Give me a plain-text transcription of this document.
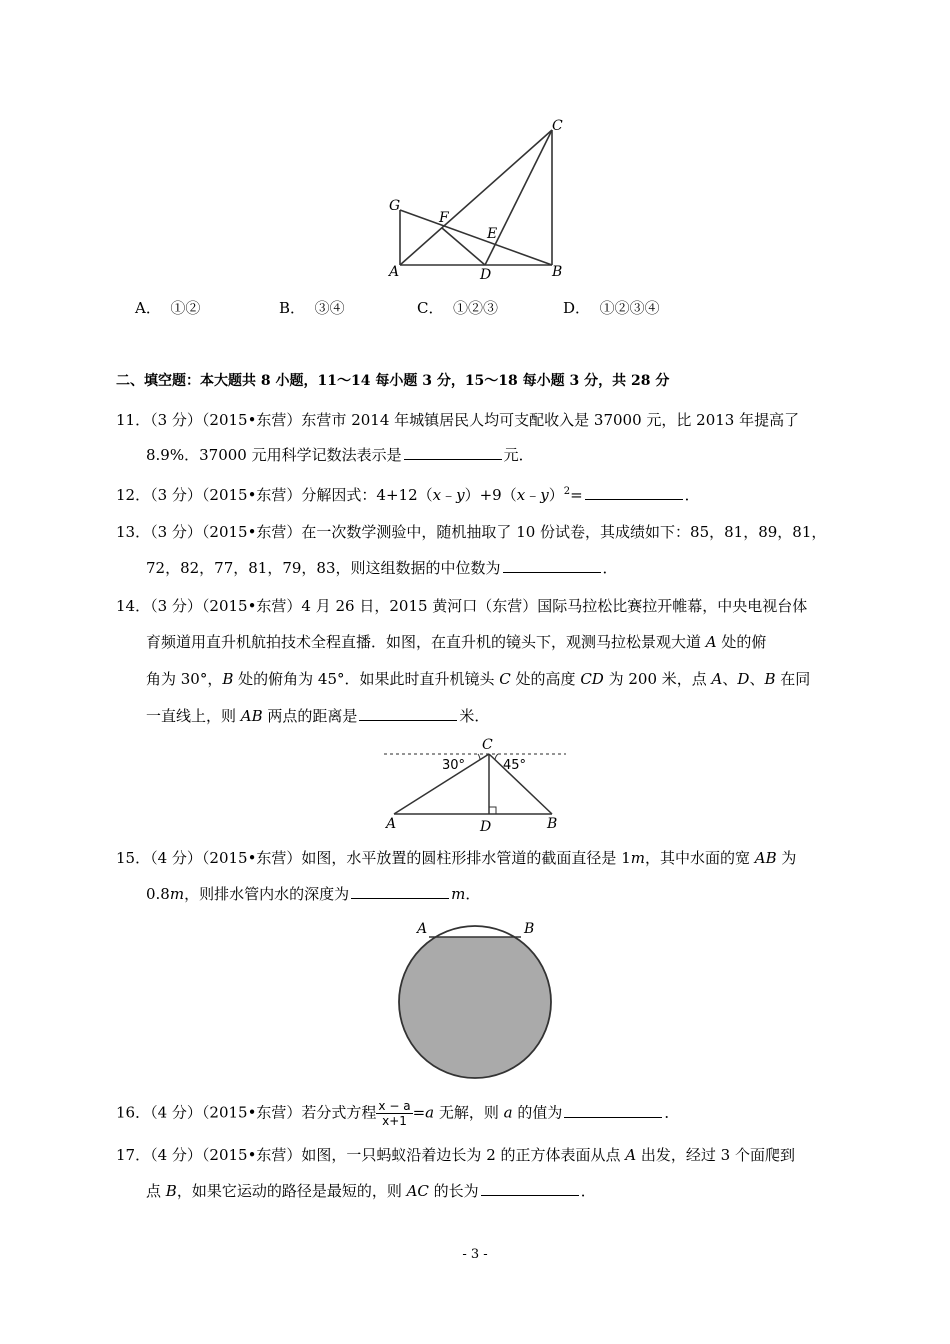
C
G
F
E
A	D	B
A． ①②	B． ③④	C． ①②③	D． ①②③④
二、填空题：本大题共 8 小题，11～14 每小题 3 分，15～18 每小题 3 分，共 28 分
11．（3 分）（2015•东营）东营市 2014 年城镇居民人均可支配收入是 37000 元，比 2013 年提高了
8.9%．37000 元用科学记数法表示是	元．
12．（3 分）（2015•东营）分解因式：4+12（x﹣y）+9（x﹣y）$^2$=	．
13．（3 分）（2015•东营）在一次数学测验中，随机抽取了 10 份试卷，其成绩如下：85，81，89，81，
72，82，77，81，79，83，则这组数据的中位数为	．
14．（3 分）（2015•东营）4 月 26 日，2015 黄河口（东营）国际马拉松比赛拉开帷幕，中央电视台体
育频道用直升机航拍技术全程直播．如图，在直升机的镜头下，观测马拉松景观大道 A 处的俯
角为 30°，B 处的俯角为 45°．如果此时直升机镜头 C 处的高度 CD 为 200 米，点 A、D、B 在同
一直线上，则 AB 两点的距离是	米．
C
30°	45°
A	D	B
15．（4 分）（2015•东营）如图，水平放置的圆柱形排水管道的截面直径是 1m，其中水面的宽 AB 为
0.8m，则排水管内水的深度为	m．
A	B
16．（4 分）（2015•东营）若分式方程 $\frac{x - a}{x+1} =a$ 无解，则 a 的值为	．
17．（4 分）（2015•东营）如图，一只蚂蚁沿着边长为 2 的正方体表面从点 A 出发，经过 3 个面爬到
点 B，如果它运动的路径是最短的，则 AC 的长为	．
- 3 -
